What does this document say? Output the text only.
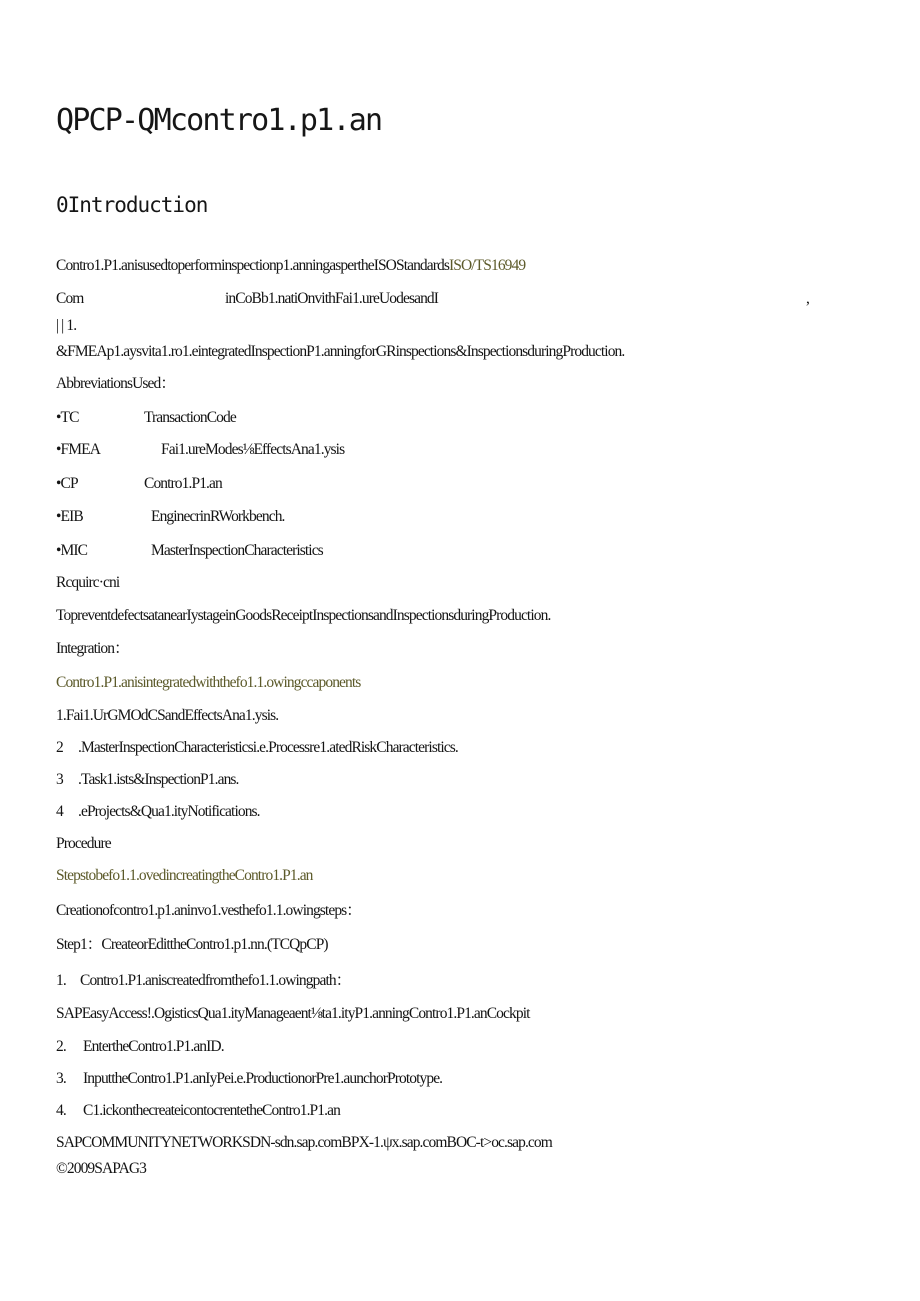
QPCP-QMcontro1.p1.an
0Introduction
Contro1.P1.anisusedtoperforminspectionp1.anningaspertheISOStandardsISO/TS16949
Com	inCoBb1.natiOnvithFai1.ureUodesandI	,
| | 1.
&FMEAp1.aysvita1.ro1.eintegratedInspectionP1.anningforGRinspections&InspectionsduringProduction.
AbbreviationsUsed：
•TC	TransactionCode
•FMEA	Fai1.ureModes⅛EffectsAna1.ysis
•CP	Contro1.P1.an
•EIB	EnginecrinRWorkbench.
•MIC	MasterInspectionCharacteristics
Rcquirc·cni
TopreventdefectsatanearIystageinGoodsReceiptInspectionsandInspectionsduringProduction.
Integration：
Contro1.P1.anisintegratedwiththefo1.1.owingccaponents
1.Fai1.UrGMOdCSandEffectsAna1.ysis.
2 .MasterInspectionCharacteristicsi.e.Processre1.atedRiskCharacteristics.
3 .Task1.ists&InspectionP1.ans.
4 .eProjects&Qua1.ityNotifications.
Procedure
Stepstobefo1.1.ovedincreatingtheContro1.P1.an
Creationofcontro1.p1.aninvo1.vesthefo1.1.owingsteps：
Step1：CreateorEdittheContro1.p1.nn.(TCQpCP)
1. Contro1.P1.aniscreatedfromthefo1.1.owingpath：
SAPEasyAccess!.OgisticsQua1.ityManageaent⅛ta1.ityP1.anningContro1.P1.anCockpit
2. EntertheContro1.P1.anID.
3. InputtheContro1.P1.anIyPei.e.ProductionorPre1.aunchorPrototype.
4. C1.ickonthecreateicontocrentetheContro1.P1.an
SAPCOMMUNITYNETWORKSDN-sdn.sap.comBPX-1.ψx.sap.comBOC-t>oc.sap.com
©2009SAPAG3
